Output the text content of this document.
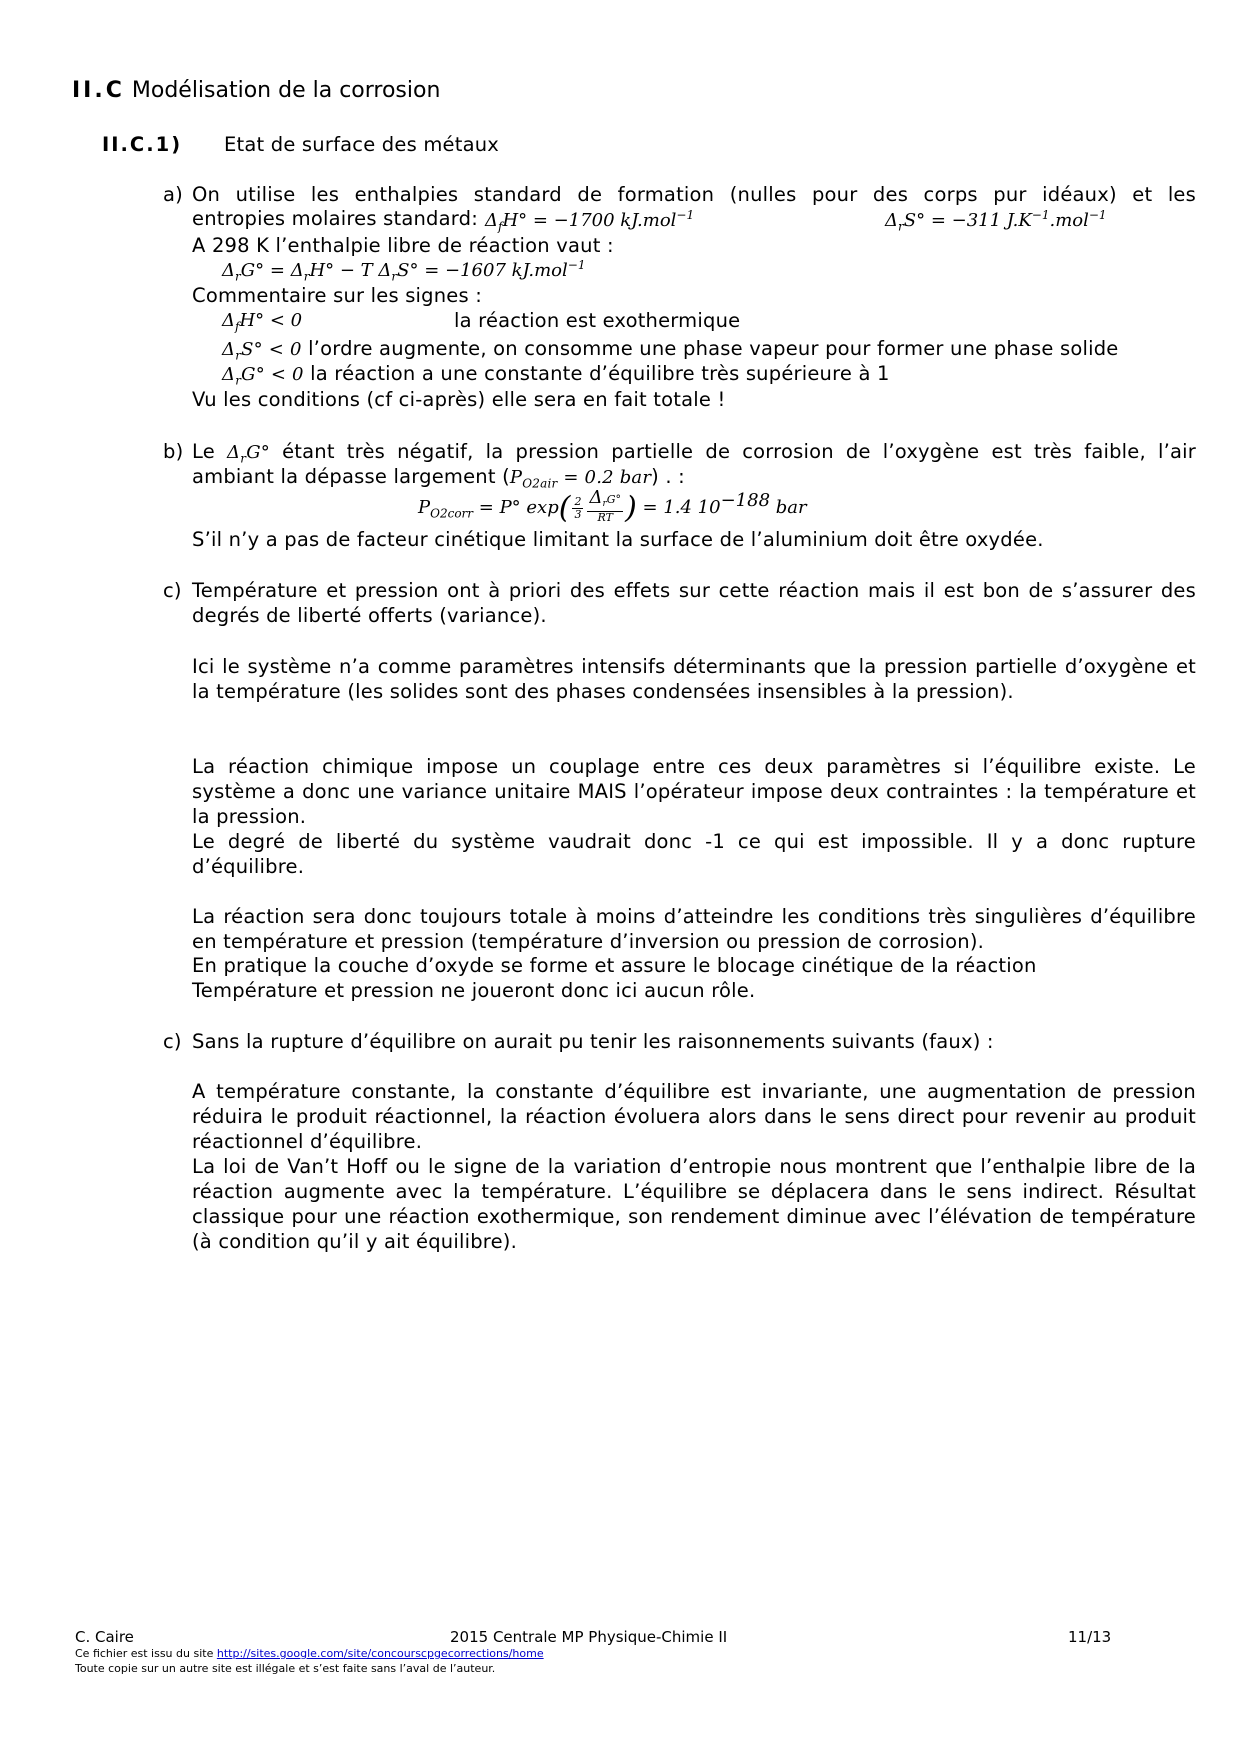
II.C Modélisation de la corrosion
II.C.1) Etat de surface des métaux
a) On utilise les enthalpies standard de formation (nulles pour des corps pur idéaux) et les
entropies molaires standard: $\Delta_fH^\circ = -1700$ kJ.mol$^{-1}$	$\Delta_rS^\circ = -311$ $J.K^{-1}.mol^{-1}$
A 298 K l’enthalpie libre de réaction vaut :
$\Delta_rG^\circ = \Delta_rH^\circ - T$ $\Delta_rS^\circ = -1607$ kJ.mol$^{-1}$
Commentaire sur les signes :
$\Delta_fH^\circ < 0$	la réaction est exothermique
$\Delta_rS^\circ < 0$ l’ordre augmente, on consomme une phase vapeur pour former une phase solide
$\Delta_rG^\circ < 0$ la réaction a une constante d’équilibre très supérieure à 1
Vu les conditions (cf ci-après) elle sera en fait totale !
b) Le $\Delta_rG^\circ$ étant très négatif, la pression partielle de corrosion de l’oxygène est très faible, l’air
ambiant la dépasse largement ($P_{O2air} = 0.2$ bar) . :
$P_{O2corr} = P^\circ$ $\exp( \frac{2}{3} \frac{\Delta_rG^\circ}{RT}$ ) = 1.4 $10^{-188}$ bar
S’il n’y a pas de facteur cinétique limitant la surface de l’aluminium doit être oxydée.
c) Température et pression ont à priori des effets sur cette réaction mais il est bon de s’assurer des degrés de liberté offerts (variance).
Ici le système n’a comme paramètres intensifs déterminants que la pression partielle d’oxygène et la température (les solides sont des phases condensées insensibles à la pression).
La réaction chimique impose un couplage entre ces deux paramètres si l’équilibre existe. Le système a donc une variance unitaire MAIS l’opérateur impose deux contraintes : la température et la pression.
Le degré de liberté du système vaudrait donc -1 ce qui est impossible. Il y a donc rupture d’équilibre.
La réaction sera donc toujours totale à moins d’atteindre les conditions très singulières d’équilibre en température et pression (température d’inversion ou pression de corrosion).
En pratique la couche d’oxyde se forme et assure le blocage cinétique de la réaction
Température et pression ne joueront donc ici aucun rôle.
c) Sans la rupture d’équilibre on aurait pu tenir les raisonnements suivants (faux) :
A température constante, la constante d’équilibre est invariante, une augmentation de pression réduira le produit réactionnel, la réaction évoluera alors dans le sens direct pour revenir au produit réactionnel d’équilibre.
La loi de Van’t Hoff ou le signe de la variation d’entropie nous montrent que l’enthalpie libre de la réaction augmente avec la température. L’équilibre se déplacera dans le sens indirect. Résultat classique pour une réaction exothermique, son rendement diminue avec l’élévation de température (à condition qu’il y ait équilibre).
C. Caire	2015 Centrale MP Physique-Chimie II	11/13
Ce fichier est issu du site http://sites.google.com/site/concourscpgecorrections/home
Toute copie sur un autre site est illégale et s’est faite sans l’aval de l’auteur.
